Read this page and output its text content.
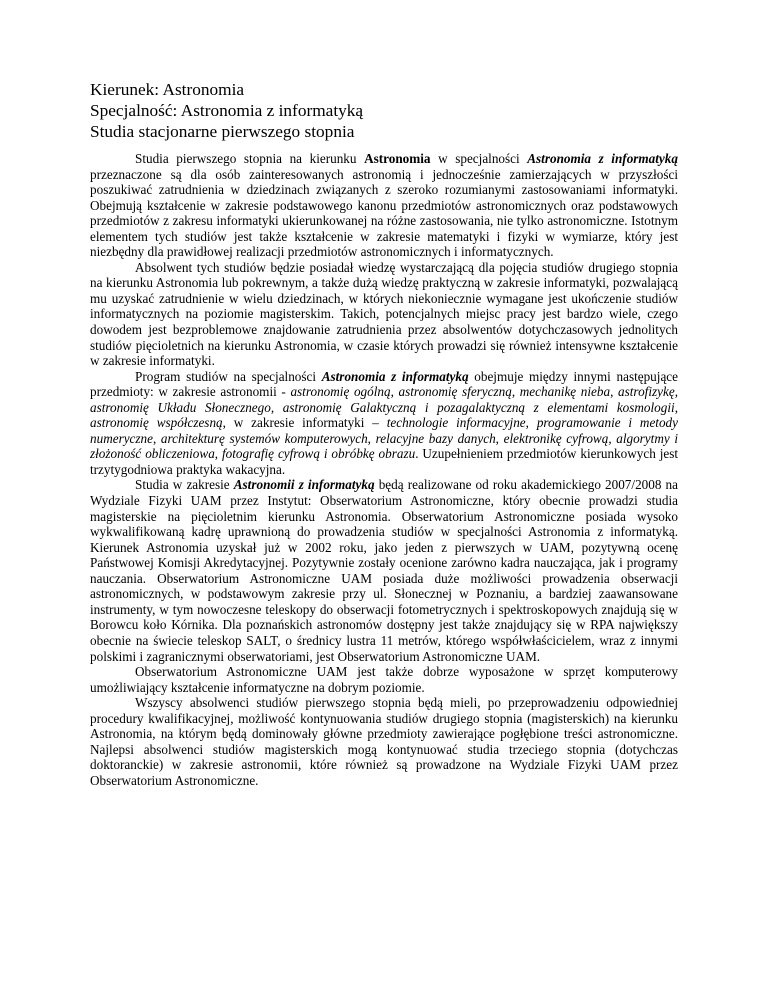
Kierunek: Astronomia

Specjalność: Astronomia z informatyką

Studia stacjonarne pierwszego stopnia

Studia pierwszego stopnia na kierunku Astronomia w specjalności Astronomia z informatyką przeznaczone są dla osób zainteresowanych astronomią i jednocześnie zamierzających w przyszłości poszukiwać zatrudnienia w dziedzinach związanych z szeroko rozumianymi zastosowaniami informatyki. Obejmują kształcenie w zakresie podstawowego kanonu przedmiotów astronomicznych oraz podstawowych przedmiotów z zakresu informatyki ukierunkowanej na różne zastosowania, nie tylko astronomiczne. Istotnym elementem tych studiów jest także kształcenie w zakresie matematyki i fizyki w wymiarze, który jest niezbędny dla prawidłowej realizacji przedmiotów astronomicznych i informatycznych.

Absolwent tych studiów będzie posiadał wiedzę wystarczającą dla pojęcia studiów drugiego stopnia na kierunku Astronomia lub pokrewnym, a także dużą wiedzę praktyczną w zakresie informatyki, pozwalającą mu uzyskać zatrudnienie w wielu dziedzinach, w których niekoniecznie wymagane jest ukończenie studiów informatycznych na poziomie magisterskim. Takich, potencjalnych miejsc pracy jest bardzo wiele, czego dowodem jest bezproblemowe znajdowanie zatrudnienia przez absolwentów dotychczasowych jednolitych studiów pięcioletnich na kierunku Astronomia, w czasie których prowadzi się również intensywne kształcenie w zakresie informatyki.

Program studiów na specjalności Astronomia z informatyką obejmuje między innymi następujące przedmioty: w zakresie astronomii - astronomię ogólną, astronomię sferyczną, mechanikę nieba, astrofizykę, astronomię Układu Słonecznego, astronomię Galaktyczną i pozagalaktyczną z elementami kosmologii, astronomię współczesną, w zakresie informatyki – technologie informacyjne, programowanie i metody numeryczne, architekturę systemów komputerowych, relacyjne bazy danych, elektronikę cyfrową, algorytmy i złożoność obliczeniowa, fotografię cyfrową i obróbkę obrazu. Uzupełnieniem przedmiotów kierunkowych jest trzytygodniowa praktyka wakacyjna.

Studia w zakresie Astronomii z informatyką będą realizowane od roku akademickiego 2007/2008 na Wydziale Fizyki UAM przez Instytut: Obserwatorium Astronomiczne, który obecnie prowadzi studia magisterskie na pięcioletnim kierunku Astronomia. Obserwatorium Astronomiczne posiada wysoko wykwalifikowaną kadrę uprawnioną do prowadzenia studiów w specjalności Astronomia z informatyką. Kierunek Astronomia uzyskał już w 2002 roku, jako jeden z pierwszych w UAM, pozytywną ocenę Państwowej Komisji Akredytacyjnej. Pozytywnie zostały ocenione zarówno kadra nauczająca, jak i programy nauczania. Obserwatorium Astronomiczne UAM posiada duże możliwości prowadzenia obserwacji astronomicznych, w podstawowym zakresie przy ul. Słonecznej w Poznaniu, a bardziej zaawansowane instrumenty, w tym nowoczesne teleskopy do obserwacji fotometrycznych i spektroskopowych znajdują się w Borowcu koło Kórnika. Dla poznańskich astronomów dostępny jest także znajdujący się w RPA największy obecnie na świecie teleskop SALT, o średnicy lustra 11 metrów, którego współwłaścicielem, wraz z innymi polskimi i zagranicznymi obserwatoriami, jest Obserwatorium Astronomiczne UAM.

Obserwatorium Astronomiczne UAM jest także dobrze wyposażone w sprzęt komputerowy umożliwiający kształcenie informatyczne na dobrym poziomie.

Wszyscy absolwenci studiów pierwszego stopnia będą mieli, po przeprowadzeniu odpowiedniej procedury kwalifikacyjnej, możliwość kontynuowania studiów drugiego stopnia (magisterskich) na kierunku Astronomia, na którym będą dominowały główne przedmioty zawierające pogłębione treści astronomiczne. Najlepsi absolwenci studiów magisterskich mogą kontynuować studia trzeciego stopnia (dotychczas doktoranckie) w zakresie astronomii, które również są prowadzone na Wydziale Fizyki UAM przez Obserwatorium Astronomiczne.
